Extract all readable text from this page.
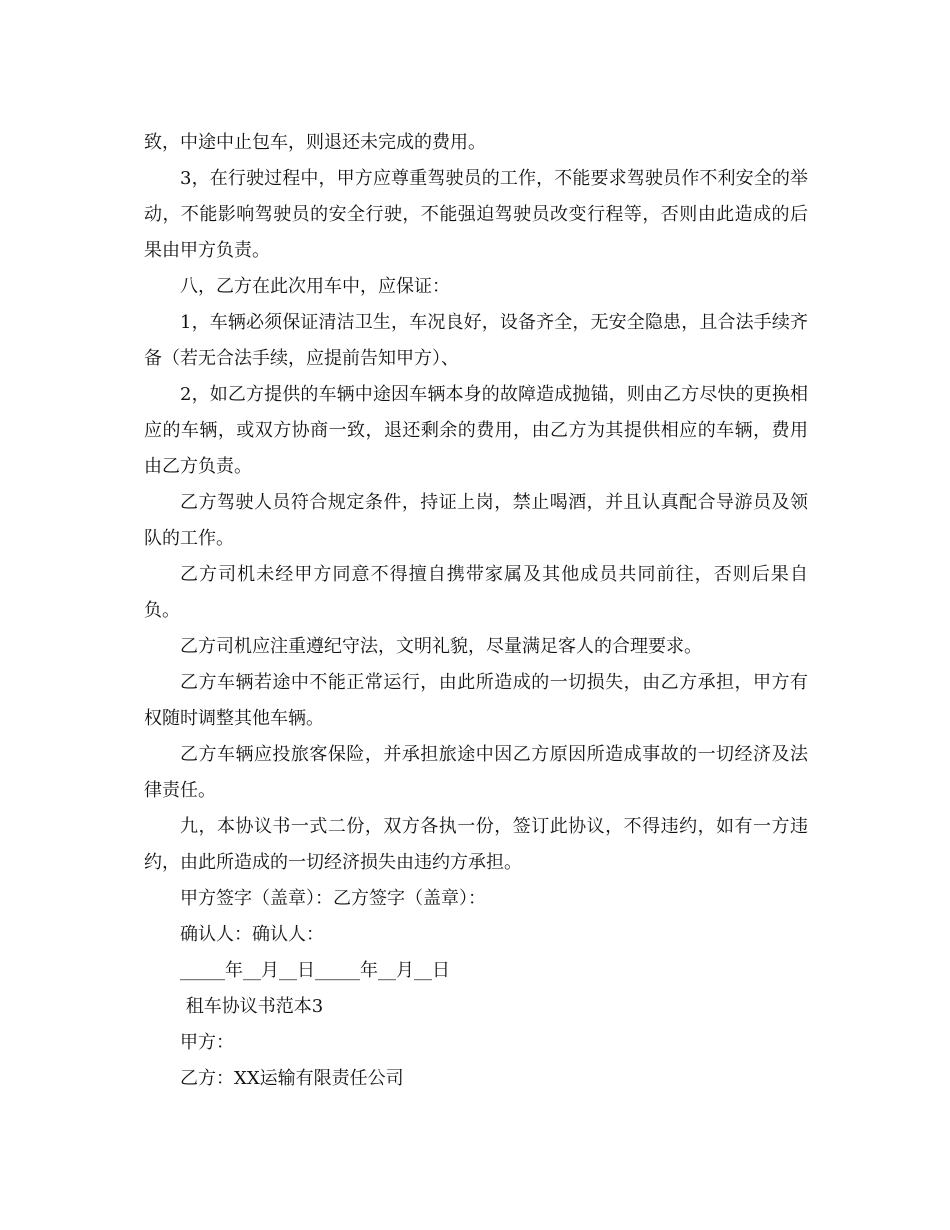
致，中途中止包车，则退还未完成的费用。

3，在行驶过程中，甲方应尊重驾驶员的工作，不能要求驾驶员作不利安全的举动，不能影响驾驶员的安全行驶，不能强迫驾驶员改变行程等，否则由此造成的后果由甲方负责。

八，乙方在此次用车中，应保证：

1，车辆必须保证清洁卫生，车况良好，设备齐全，无安全隐患，且合法手续齐备（若无合法手续，应提前告知甲方）、

2，如乙方提供的车辆中途因车辆本身的故障造成抛锚，则由乙方尽快的更换相应的车辆，或双方协商一致，退还剩余的费用，由乙方为其提供相应的车辆，费用由乙方负责。

乙方驾驶人员符合规定条件，持证上岗，禁止喝酒，并且认真配合导游员及领队的工作。

乙方司机未经甲方同意不得擅自携带家属及其他成员共同前往，否则后果自负。

乙方司机应注重遵纪守法，文明礼貌，尽量满足客人的合理要求。

乙方车辆若途中不能正常运行，由此所造成的一切损失，由乙方承担，甲方有权随时调整其他车辆。

乙方车辆应投旅客保险，并承担旅途中因乙方原因所造成事故的一切经济及法律责任。

九，本协议书一式二份，双方各执一份，签订此协议，不得违约，如有一方违约，由此所造成的一切经济损失由违约方承担。

甲方签字（盖章）：乙方签字（盖章）：

确认人：确认人：

_____年__月__日_____年__月__日

租车协议书范本3

甲方：

乙方：XX运输有限责任公司
